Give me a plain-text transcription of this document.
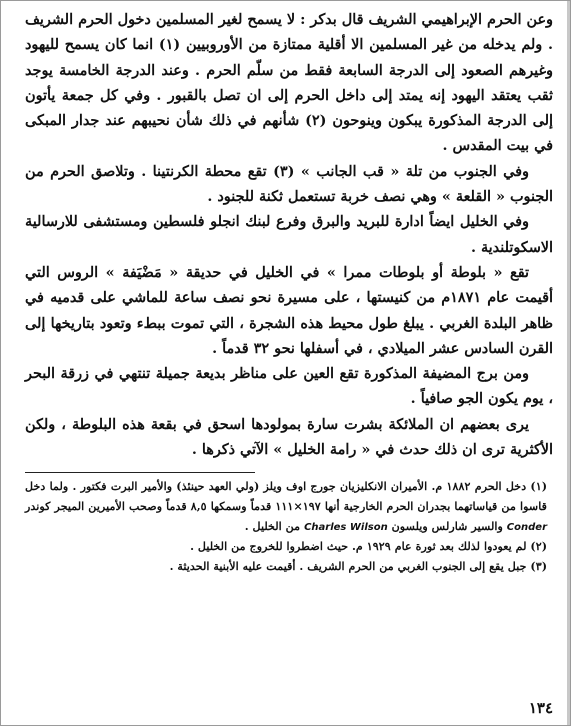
وعن الحرم الإبراهيمي الشريف قال بدكر : لا يسمح لغير المسلمين دخول الحرم الشريف . ولم يدخله من غير المسلمين الا أقلية ممتازة من الأوروبيين (١) انما كان يسمح لليهود وغيرهم الصعود إلى الدرجة السابعة فقط من سلّم الحرم . وعند الدرجة الخامسة يوجد ثقب يعتقد اليهود إنه يمتد إلى داخل الحرم إلى ان تصل بالقبور . وفي كل جمعة يأتون إلى الدرجة المذكورة يبكون وينوحون (٢) شأنهم في ذلك شأن نحيبهم عند جدار المبكى في بيت المقدس .

وفي الجنوب من تلة « قب الجانب » (٣) تقع محطة الكرنتينا . وتلاصق الحرم من الجنوب « القلعة » وهي نصف خربة تستعمل ثكنة للجنود .

وفي الخليل ايضاً ادارة للبريد والبرق وفرع لبنك انجلو فلسطين ومستشفى للارسالية الاسكوتلندية .

تقع « بلوطة أو بلوطات ممرا » في الخليل في حديقة « مَضْيَفة » الروس التي أقيمت عام ١٨٧١م من كنيستها ، على مسيرة نحو نصف ساعة للماشي على قدميه في ظاهر البلدة الغربي . يبلغ طول محيط هذه الشجرة ، التي تموت ببطء وتعود بتاريخها إلى القرن السادس عشر الميلادي ، في أسفلها نحو ٣٢ قدماً .

ومن برج المضيفة المذكورة تقع العين على مناظر بديعة جميلة تنتهي في زرقة البحر ، يوم يكون الجو صافياً .

يرى بعضهم ان الملائكة بشرت سارة بمولودها اسحق في بقعة هذه البلوطة ، ولكن الأكثرية ترى ان ذلك حدث في « رامة الخليل » الآتي ذكرها .

(١) دخل الحرم ١٨٨٢ م. الأميران الانكليزيان جورج اوف ويلز (ولي العهد حينئذ) والأمير البرت فكتور . ولما دخل قاسوا من قياساتهما بجدران الحرم الخارجية أنها ١٩٧×١١١ قدماً وسمكها ٨,٥ قدماً وصحب الأميرين الميجر كوندر Conder والسير شارلس ويلسون Charles Wilson من الخليل .

(٢) لم يعودوا لذلك بعد ثورة عام ١٩٢٩ م. حيث اضطروا للخروج من الخليل .

(٣) جبل يقع إلى الجنوب الغربي من الحرم الشريف . أقيمت عليه الأبنية الحديثة .

١٣٤
